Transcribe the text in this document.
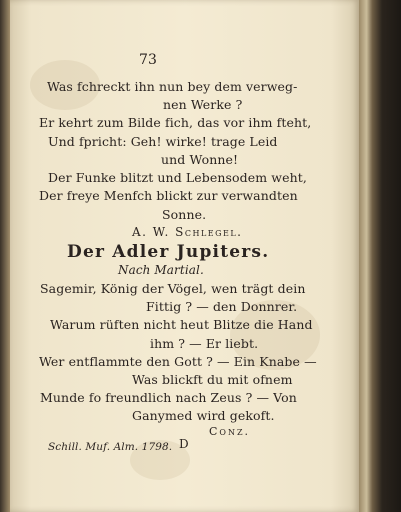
73
Was fchreckt ihn nun bey dem verweg-
nen Werke ?
Er kehrt zum Bilde fich, das vor ihm fteht,
Und fpricht: Geh! wirke! trage Leid
und Wonne!
Der Funke blitzt und Lebensodem weht,
Der freye Menfch blickt zur verwandten
Sonne.
A. W. Schlegel.
Der Adler Jupiters.
Nach Martial.
Sagemir, König der Vögel, wen trägt dein
Fittig ? — den Donnrer.
Warum rüften nicht heut Blitze die Hand
ihm ? — Er liebt.
Wer entflammte den Gott ? — Ein Knabe —
Was blickft du mit ofnem
Munde fo freundlich nach Zeus ? — Von
Ganymed wird gekoft.
Conz.
Schill. Muf. Alm. 1798. D
